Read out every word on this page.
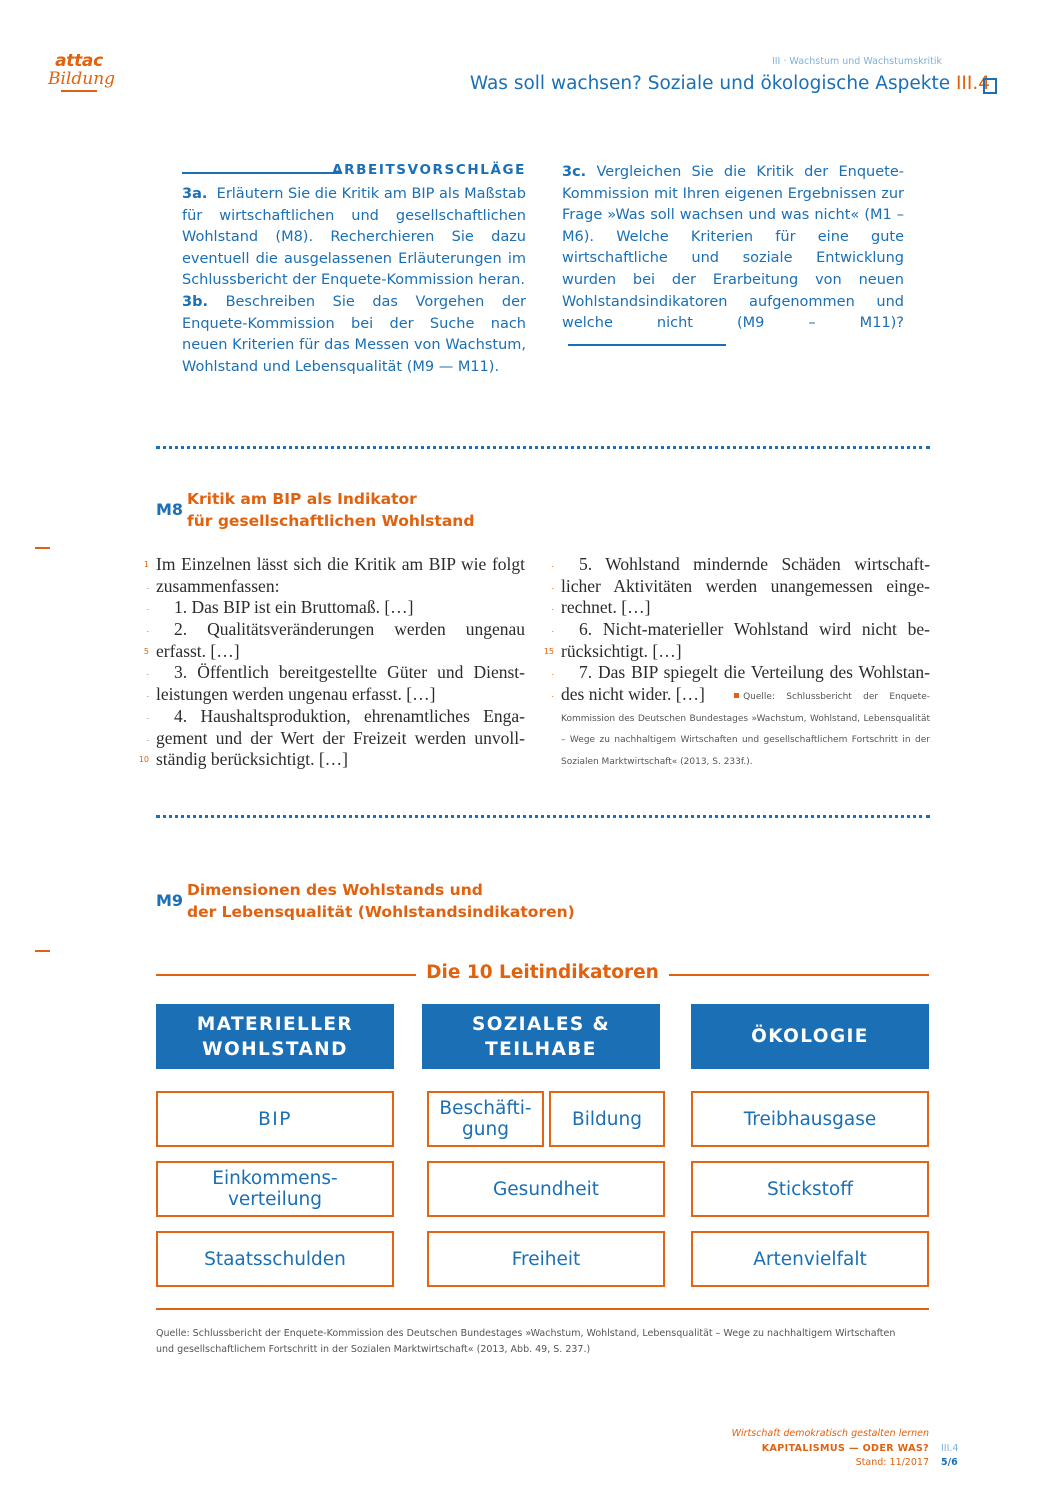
attac
Bildung
III · Wachstum und Wachstumskritik
Was soll wachsen? Soziale und ökologische Aspekte III.4
ARBEITSVORSCHLÄGE
3a. Erläutern Sie die Kritik am BIP als Maßstab für wirtschaftlichen und gesellschaftlichen Wohlstand (M8). Recherchieren Sie dazu eventuell die ausgelassenen Erläuterungen im Schlussbericht der Enquete-Kommission heran.
3b. Beschreiben Sie das Vorgehen der Enquete-Kommission bei der Suche nach neuen Kriterien für das Messen von Wachstum, Wohlstand und Lebensqualität (M9 — M11).
3c. Vergleichen Sie die Kritik der Enquete-Kommission mit Ihren eigenen Ergebnissen zur Frage »Was soll wachsen und was nicht« (M1 – M6). Welche Kriterien für eine gute wirtschaftliche und soziale Entwicklung wurden bei der Erarbeitung von neuen Wohlstandsindikatoren aufgenommen und welche nicht (M9 – M11)?
M8
Kritik am BIP als Indikator
für gesellschaftlichen Wohlstand
1
.
.
.
5
.
.
.
.
10
Im Einzelnen lässt sich die Kritik am BIP wie folgt
zusammenfassen:
1. Das BIP ist ein Bruttomaß. […]
2. Qualitätsveränderungen werden ungenau
erfasst. […]
3. Öffentlich bereitgestellte Güter und Dienst-
leistungen werden ungenau erfasst. […]
4. Haushaltsproduktion, ehrenamtliches Enga-
gement und der Wert der Freizeit werden unvoll-
ständig berücksichtigt. […]
.
.
.
.
15
.
.
5. Wohlstand mindernde Schäden wirtschaft-
licher Aktivitäten werden unangemessen einge-
rechnet. […]
6. Nicht-materieller Wohlstand wird nicht be-
rücksichtigt. […]
7. Das BIP spiegelt die Verteilung des Wohlstan-
des nicht wider. […]	Quelle: Schlussbericht der Enquete-Kommission des Deutschen Bundestages »Wachstum, Wohlstand, Lebensqualität – Wege zu nachhaltigem Wirtschaften und gesellschaftlichem Fortschritt in der Sozialen Marktwirtschaft« (2013, S. 233f.).
M9
Dimensionen des Wohlstands und
der Lebensqualität (Wohlstandsindikatoren)
Die 10 Leitindikatoren
MATERIELLER
WOHLSTAND
SOZIALES &
TEILHABE
ÖKOLOGIE
BIP
Einkommens-
verteilung
Staatsschulden
Beschäfti-
gung	Bildung
Gesundheit
Freiheit
Treibhausgase
Stickstoff
Artenvielfalt
Quelle: Schlussbericht der Enquete-Kommission des Deutschen Bundestages »Wachstum, Wohlstand, Lebensqualität – Wege zu nachhaltigem Wirtschaften und gesellschaftlichem Fortschritt in der Sozialen Marktwirtschaft« (2013, Abb. 49, S. 237.)
Wirtschaft demokratisch gestalten lernen
KAPITALISMUS — ODER WAS?
Stand: 11/2017
III.4
5/6
